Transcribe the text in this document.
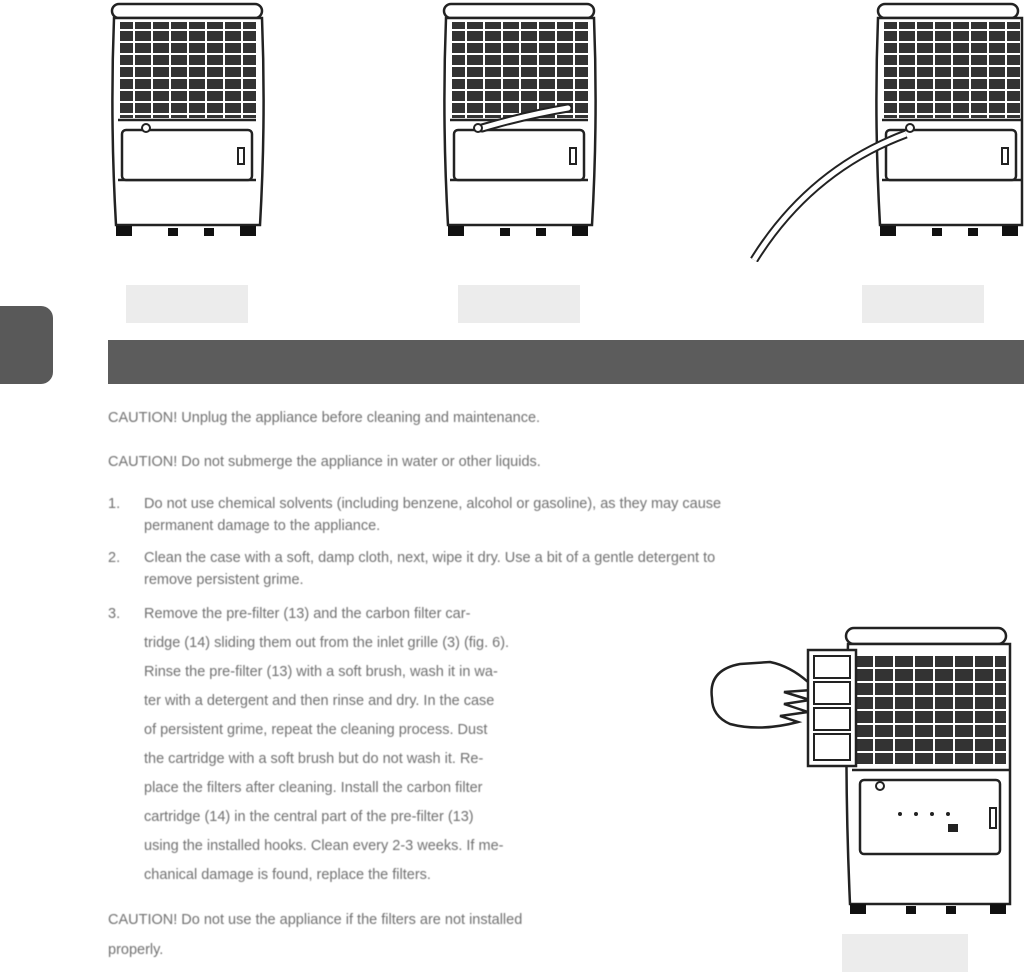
CAUTION! Unplug the appliance before cleaning and maintenance.
CAUTION! Do not submerge the appliance in water or other liquids.
1.	Do not use chemical solvents (including benzene, alcohol or gasoline), as they may cause
permanent damage to the appliance.
2.	Clean the case with a soft, damp cloth, next, wipe it dry. Use a bit of a gentle detergent to
remove persistent grime.
3.	Remove the pre-filter (13) and the carbon filter car-
tridge (14) sliding them out from the inlet grille (3) (fig. 6).
Rinse the pre-filter (13) with a soft brush, wash it in wa-
ter with a detergent and then rinse and dry. In the case
of persistent grime, repeat the cleaning process. Dust
the cartridge with a soft brush but do not wash it. Re-
place the filters after cleaning. Install the carbon filter
cartridge (14) in the central part of the pre-filter (13)
using the installed hooks. Clean every 2-3 weeks. If me-
chanical damage is found, replace the filters.
CAUTION! Do not use the appliance if the filters are not installed
properly.
